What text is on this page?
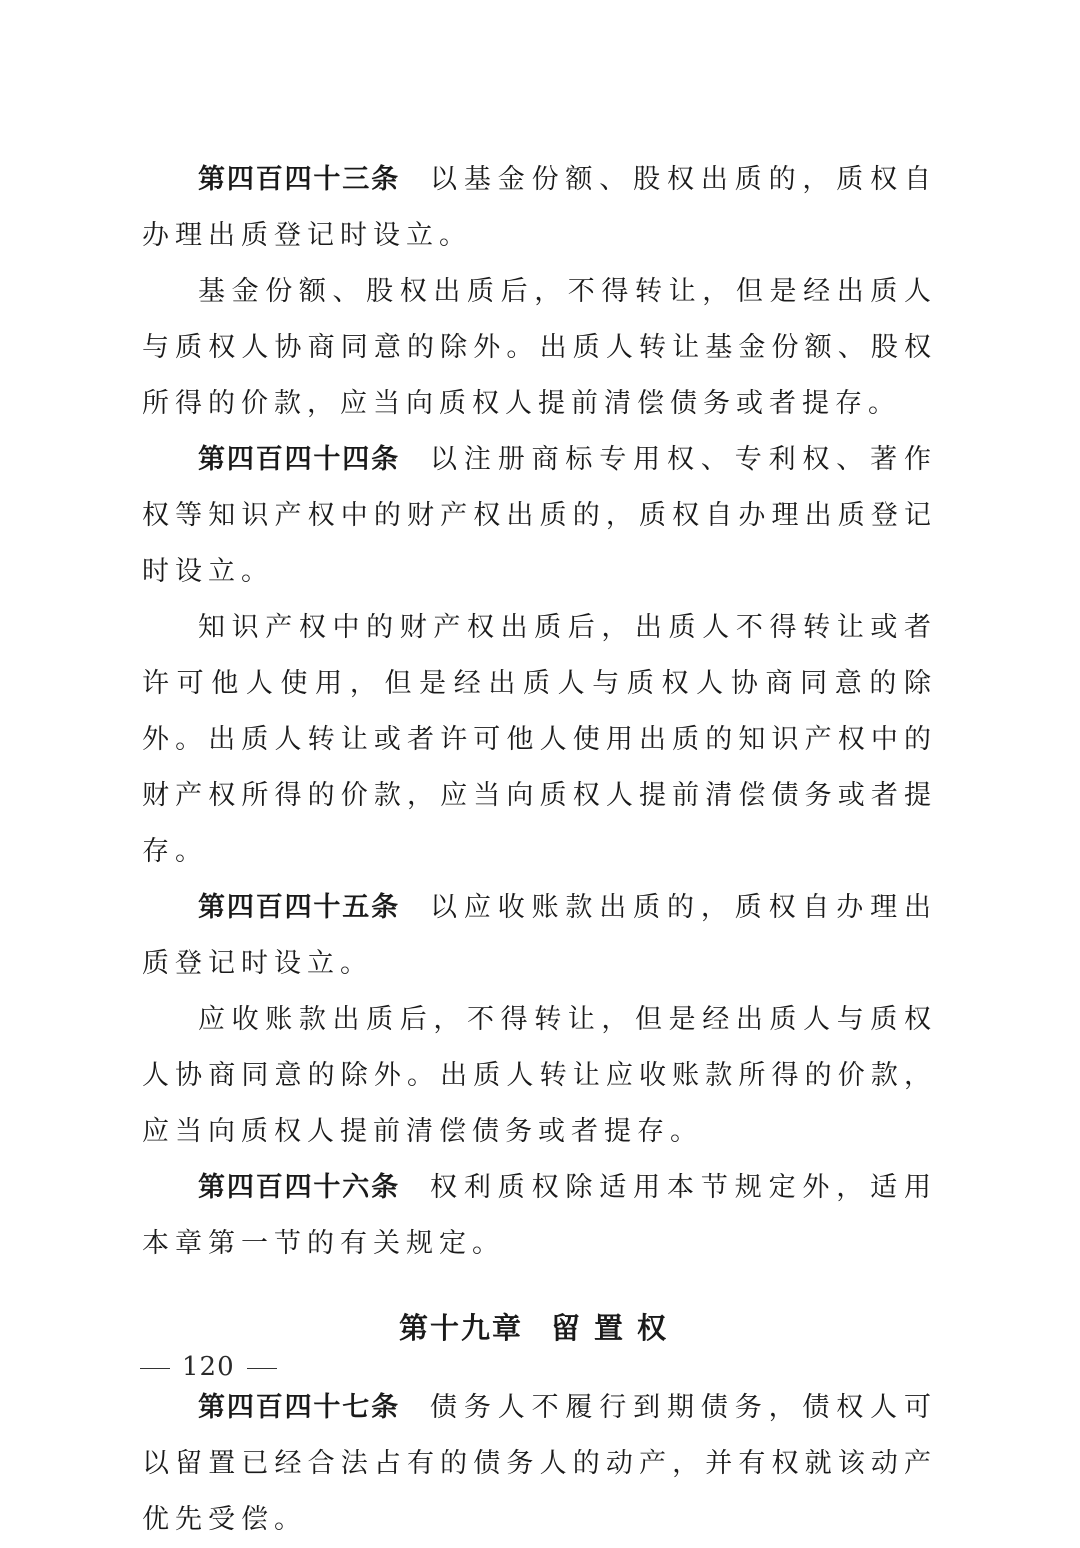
第四百四十三条 以基金份额、股权出质的，质权自办理出质登记时设立。

基金份额、股权出质后，不得转让，但是经出质人与质权人协商同意的除外。出质人转让基金份额、股权所得的价款，应当向质权人提前清偿债务或者提存。

第四百四十四条 以注册商标专用权、专利权、著作权等知识产权中的财产权出质的，质权自办理出质登记时设立。

知识产权中的财产权出质后，出质人不得转让或者许可他人使用，但是经出质人与质权人协商同意的除外。出质人转让或者许可他人使用出质的知识产权中的财产权所得的价款，应当向质权人提前清偿债务或者提存。

第四百四十五条 以应收账款出质的，质权自办理出质登记时设立。

应收账款出质后，不得转让，但是经出质人与质权人协商同意的除外。出质人转让应收账款所得的价款，应当向质权人提前清偿债务或者提存。

第四百四十六条 权利质权除适用本节规定外，适用本章第一节的有关规定。

第十九章 留置权

第四百四十七条 债务人不履行到期债务，债权人可以留置已经合法占有的债务人的动产，并有权就该动产优先受偿。

120
